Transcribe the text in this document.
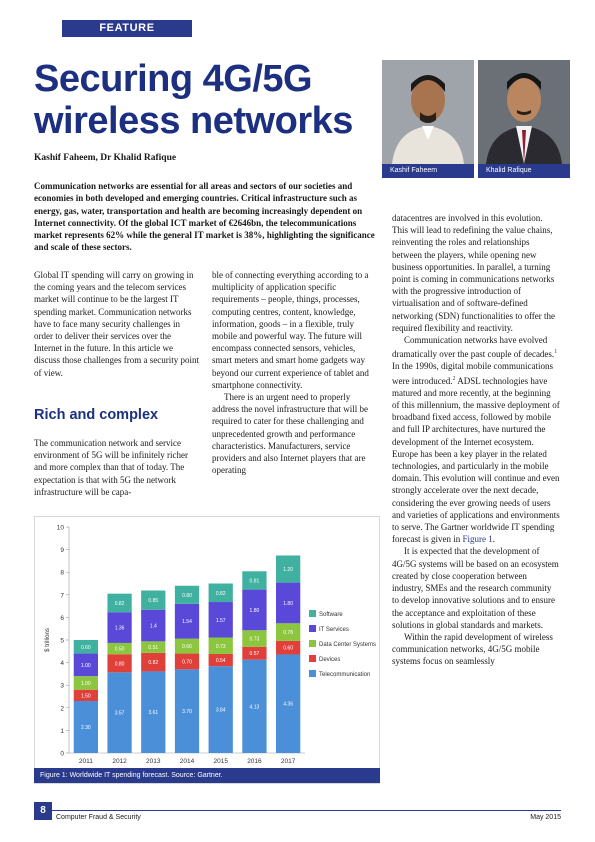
FEATURE
Securing 4G/5G wireless networks
Kashif Faheem, Dr Khalid Rafique
Kashif Faheem	Khalid Rafique

Communication networks are essential for all areas and sectors of our societies and economies in both developed and emerging countries. Critical infrastructure such as energy, gas, water, transportation and health are becoming increasingly dependent on Internet connectivity. Of the global ICT market of €2646bn, the telecommunications market represents 62% while the general IT market is 38%, highlighting the significance and scale of these sectors.

Global IT spending will carry on growing in the coming years and the telecom services market will continue to be the largest IT spending market. Communication networks have to face many security challenges in order to deliver their services over the Internet in the future. In this article we discuss those challenges from a security point of view.

Rich and complex

The communication network and service environment of 5G will be infinitely richer and more complex than that of today. The expectation is that with 5G the network infrastructure will be capa-

ble of connecting everything according to a multiplicity of application specific requirements – people, things, processes, computing centres, content, knowledge, information, goods – in a flexible, truly mobile and powerful way. The future will encompass connected sensors, vehicles, smart meters and smart home gadgets way beyond our current experience of tablet and smartphone connectivity.

There is an urgent need to properly address the novel infrastructure that will be required to cater for these challenging and unprecedented growth and performance characteristics. Manufacturers, service providers and also Internet players that are operating

datacentres are involved in this evolution. This will lead to redefining the value chains, reinventing the roles and relationships between the players, while opening new business opportunities. In parallel, a turning point is coming in communications networks with the progressive introduction of virtualisation and of software-defined networking (SDN) functionalities to offer the required flexibility and reactivity.

Communication networks have evolved dramatically over the past couple of decades.$^1$ In the 1990s, digital mobile communications were introduced.$^2$ ADSL technologies have matured and more recently, at the beginning of this millennium, the massive deployment of broadband fixed access, followed by mobile and full IP architectures, have nurtured the development of the Internet ecosystem. Europe has been a key player in the related technologies, and particularly in the mobile domain. This evolution will continue and even strongly accelerate over the next decade, considering the ever growing needs of users and varieties of applications and environments to serve. The Gartner worldwide IT spending forecast is given in Figure 1.

It is expected that the development of 4G/5G systems will be based on an ecosystem created by close cooperation between industry, SMEs and the research community to develop innovative solutions and to ensure the acceptance and exploitation of these solutions in global standards and markets.

Within the rapid development of wireless communication networks, 4G/5G mobile systems focus on seamlessly

0
1
2
3
4
5
6
7
8
9
10
$ trillions
2.30
1.50
1.00
1.00
0.60
2011
3.57
0.80
0.50
1.36
0.82
2012
3.61
0.82
0.51
1.4
0.85
2013
3.70
0.70
0.66
1.54
0.80
2014
3.84
0.54
0.73
1.57
0.82
2015
4.13
0.57
0.73
1.80
0.81
2016
4.36
0.60
0.78
1.80
1.20
2017
Software
IT Services
Data Center Systems
Devices
Telecommunication
Figure 1: Worldwide IT spending forecast. Source: Gartner.
8
Computer Fraud & Security	May 2015
